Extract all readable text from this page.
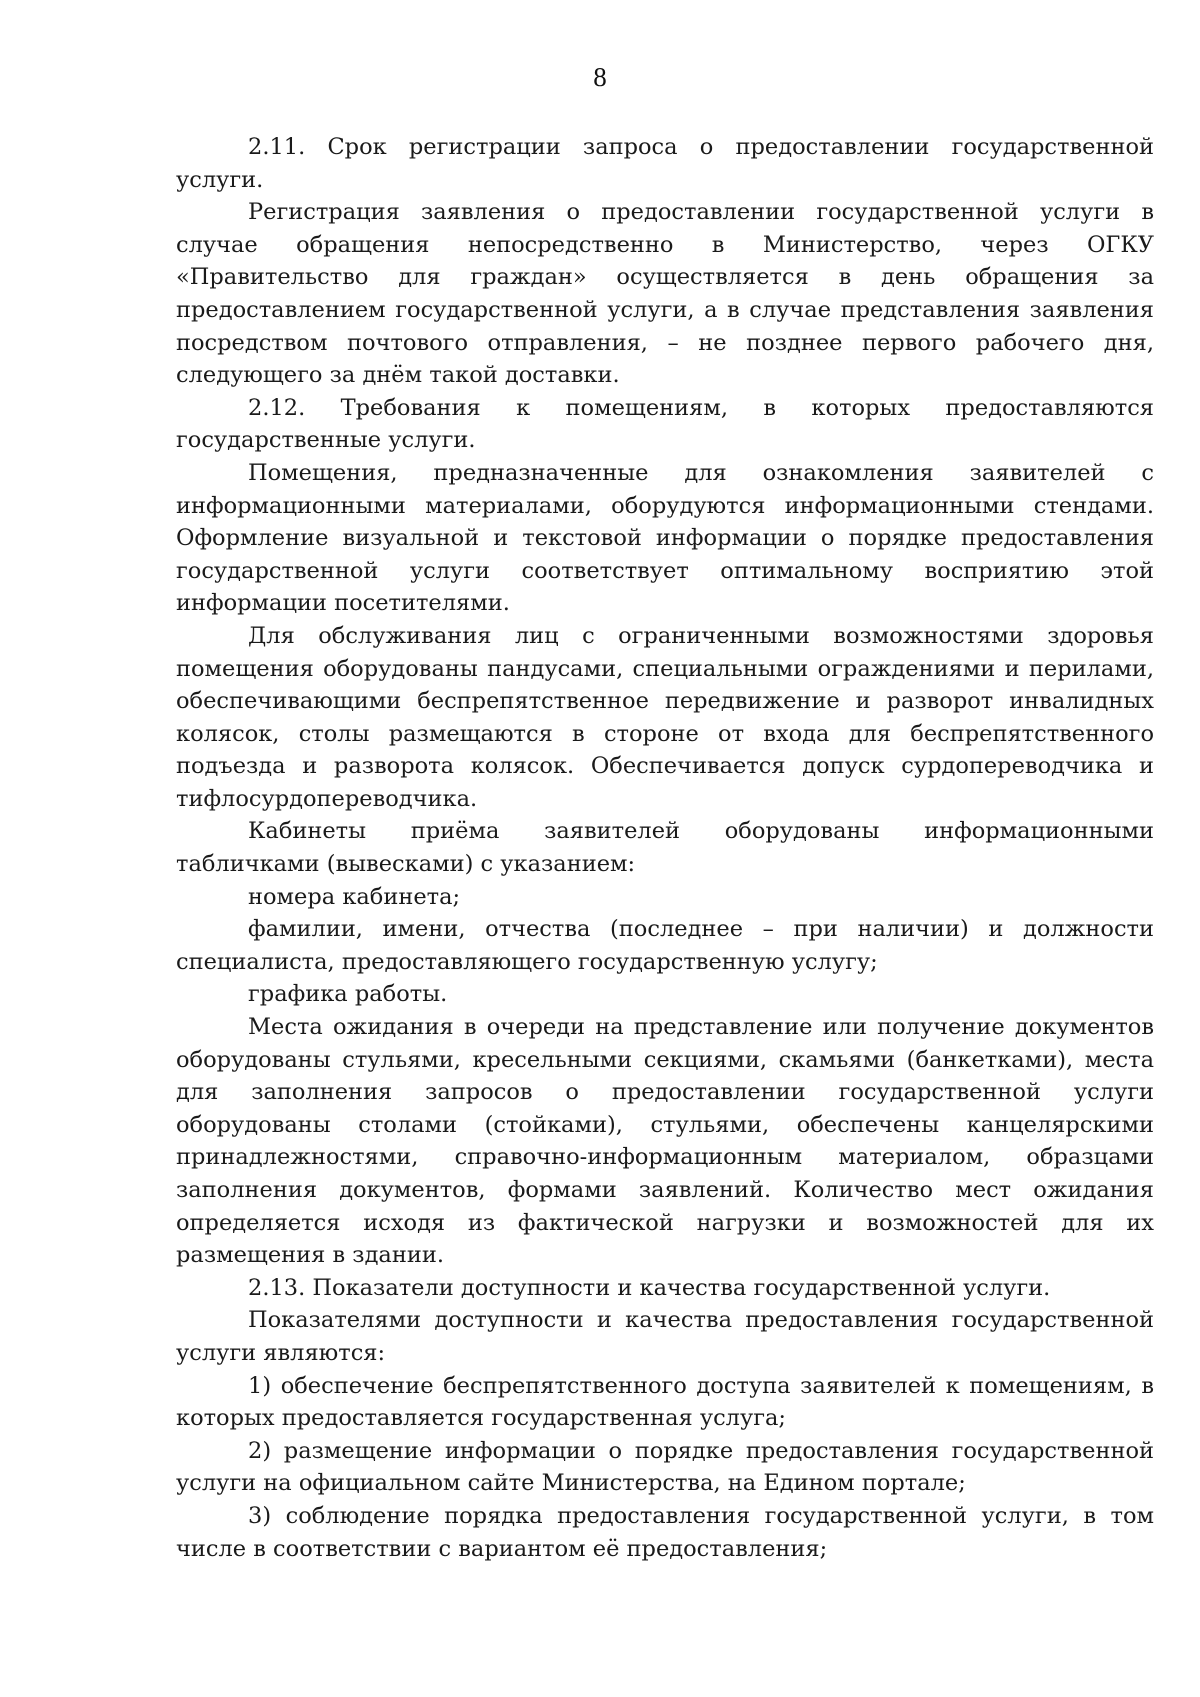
8

2.11. Срок регистрации запроса о предоставлении государственной услуги.

Регистрация заявления о предоставлении государственной услуги в случае обращения непосредственно в Министерство, через ОГКУ «Правительство для граждан» осуществляется в день обращения за предоставлением государственной услуги, а в случае представления заявления посредством почтового отправления, – не позднее первого рабочего дня, следующего за днём такой доставки.

2.12. Требования к помещениям, в которых предоставляются государственные услуги.

Помещения, предназначенные для ознакомления заявителей с информационными материалами, оборудуются информационными стендами. Оформление визуальной и текстовой информации о порядке предоставления государственной услуги соответствует оптимальному восприятию этой информации посетителями.

Для обслуживания лиц с ограниченными возможностями здоровья помещения оборудованы пандусами, специальными ограждениями и перилами, обеспечивающими беспрепятственное передвижение и разворот инвалидных колясок, столы размещаются в стороне от входа для беспрепятственного подъезда и разворота колясок. Обеспечивается допуск сурдопереводчика и тифлосурдопереводчика.

Кабинеты приёма заявителей оборудованы информационными табличками (вывесками) с указанием:

номера кабинета;

фамилии, имени, отчества (последнее – при наличии) и должности специалиста, предоставляющего государственную услугу;

графика работы.

Места ожидания в очереди на представление или получение документов оборудованы стульями, кресельными секциями, скамьями (банкетками), места для заполнения запросов о предоставлении государственной услуги оборудованы столами (стойками), стульями, обеспечены канцелярскими принадлежностями, справочно-информационным материалом, образцами заполнения документов, формами заявлений. Количество мест ожидания определяется исходя из фактической нагрузки и возможностей для их размещения в здании.

2.13. Показатели доступности и качества государственной услуги.

Показателями доступности и качества предоставления государственной услуги являются:

1) обеспечение беспрепятственного доступа заявителей к помещениям, в которых предоставляется государственная услуга;

2) размещение информации о порядке предоставления государственной услуги на официальном сайте Министерства, на Едином портале;

3) соблюдение порядка предоставления государственной услуги, в том числе в соответствии с вариантом её предоставления;
